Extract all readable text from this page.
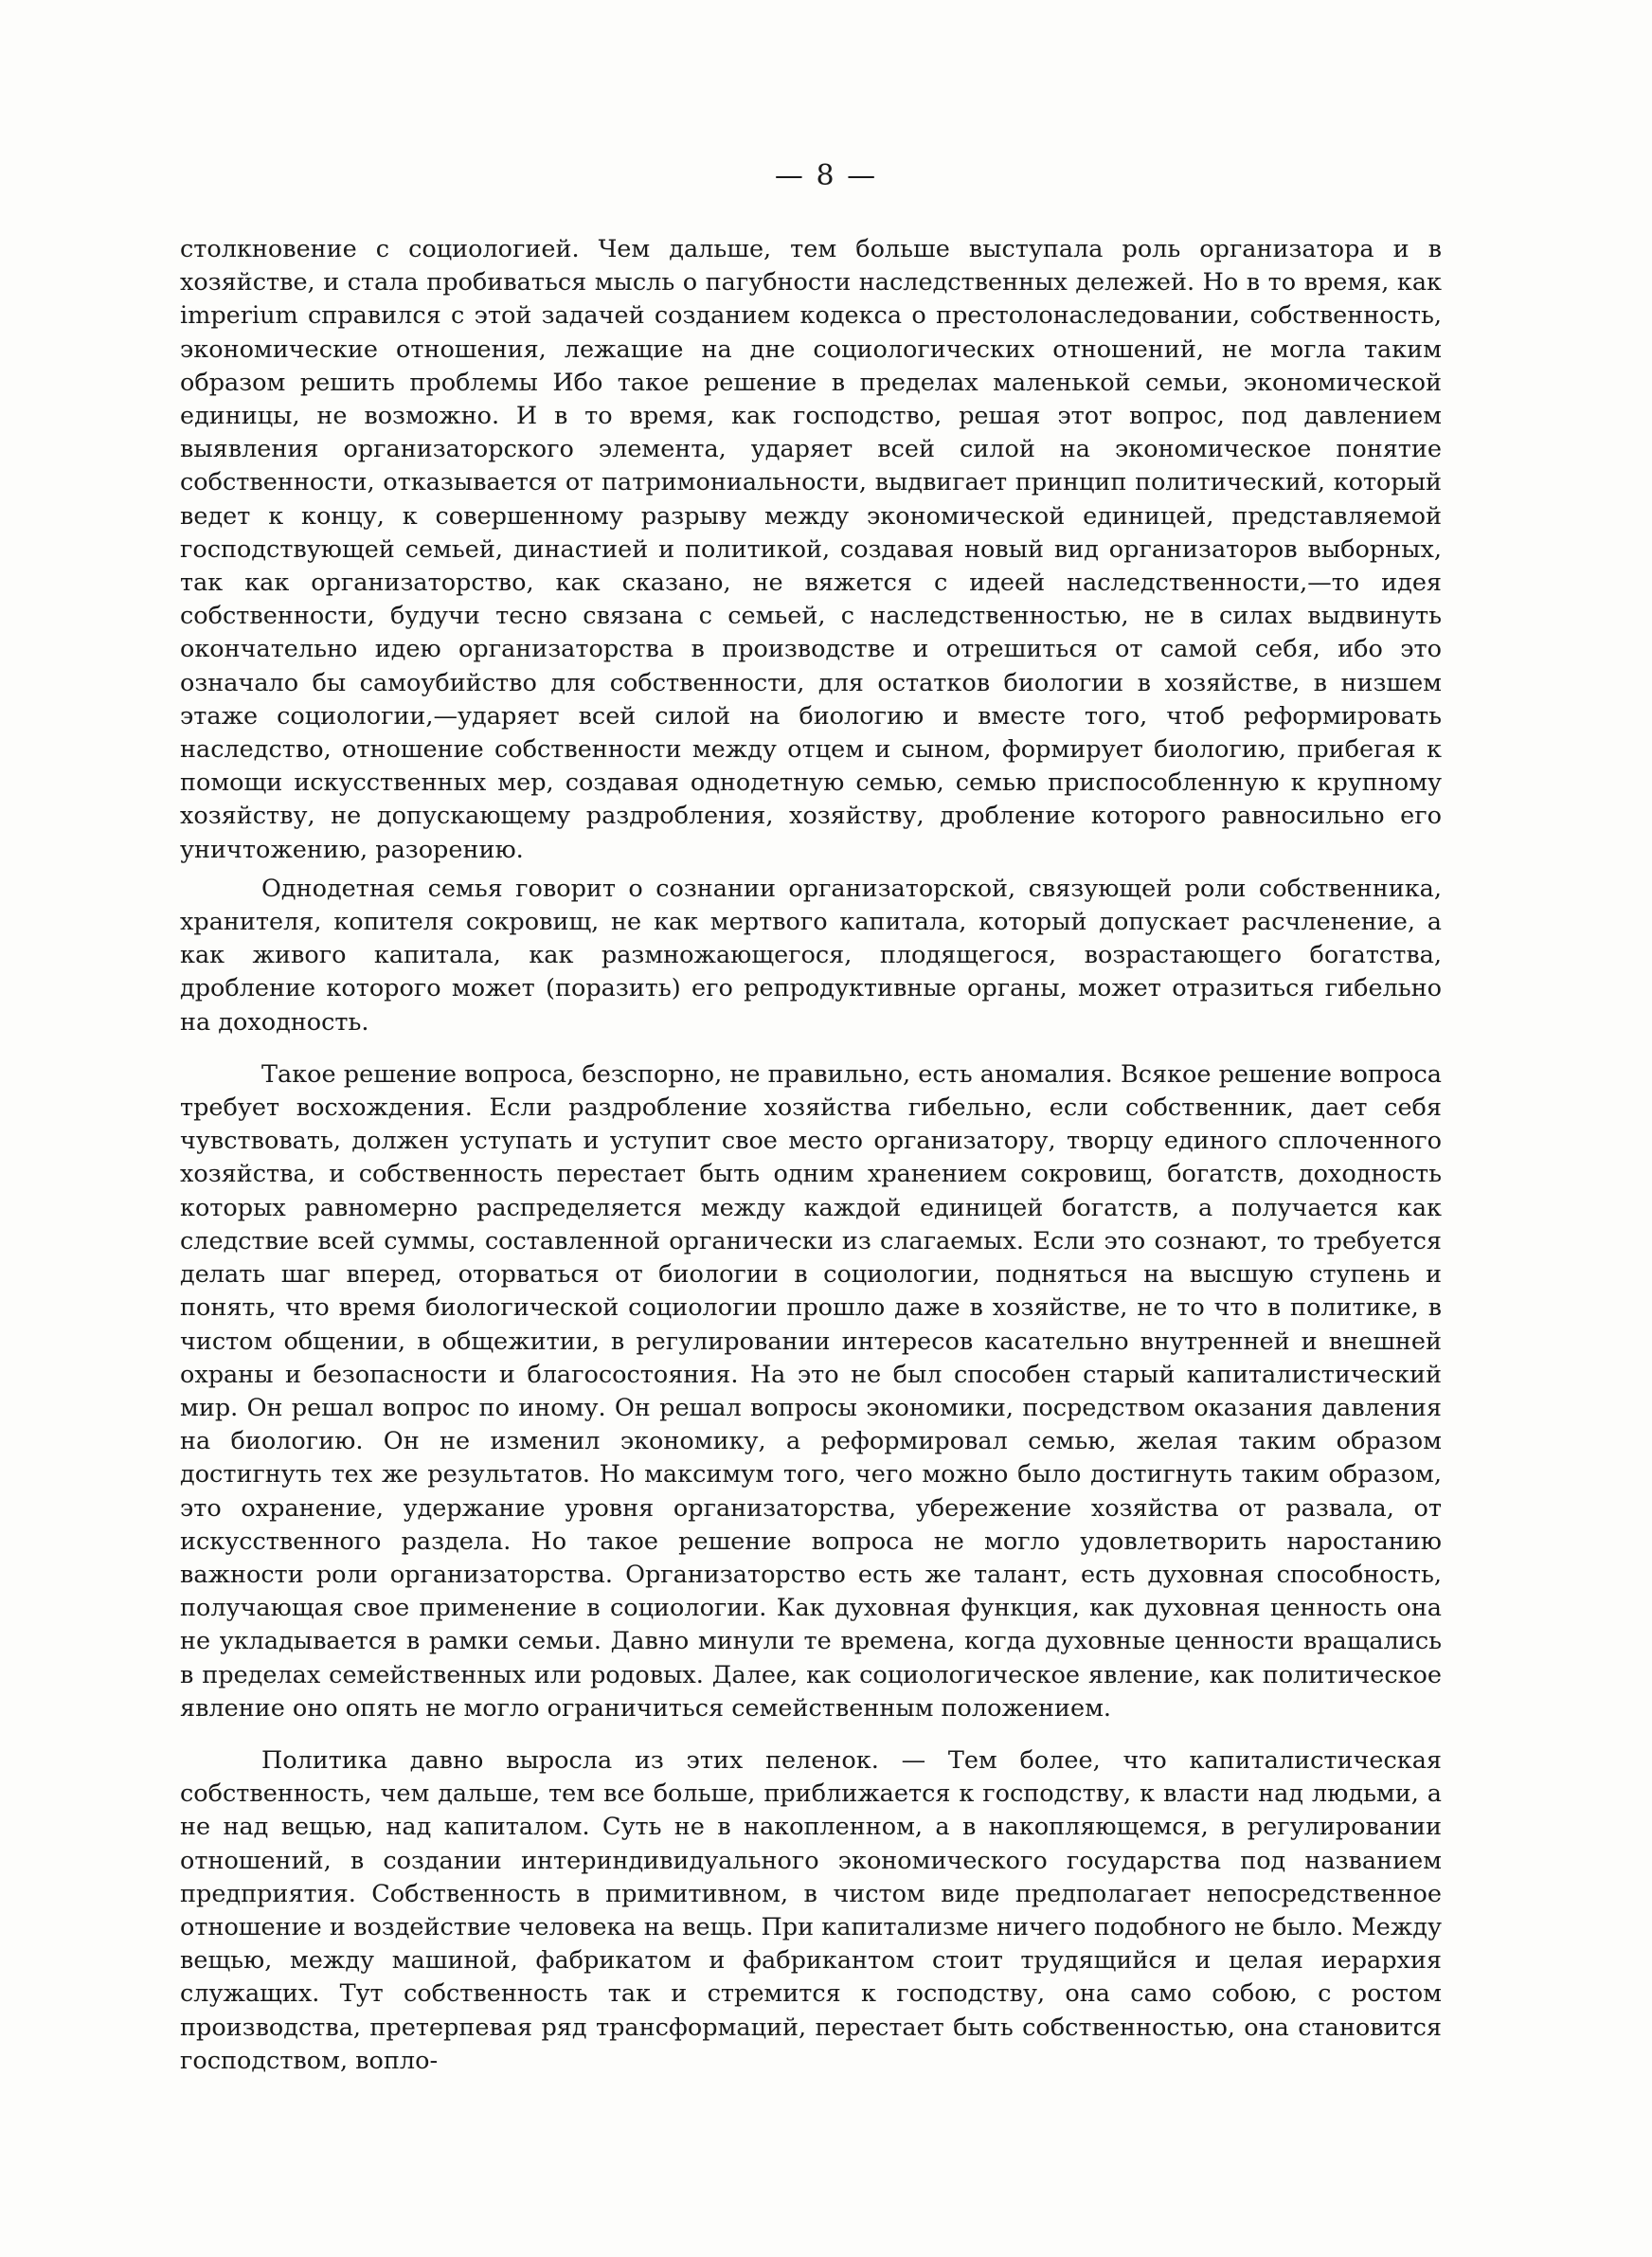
— 8 —

столкновение с социологией. Чем дальше, тем больше выступала роль организатора и в хозяйстве, и стала пробиваться мысль о пагубности наследственных дележей. Но в то время, как imperium справился с этой задачей созданием кодекса о престолонаследовании, собственность, экономические отношения, лежащие на дне социологических отношений, не могла таким образом решить проблемы Ибо такое решение в пределах маленькой семьи, экономической единицы, не возможно. И в то время, как господство, решая этот вопрос, под давлением выявления организаторского элемента, ударяет всей силой на экономическое понятие собственности, отказывается от патримониальности, выдвигает принцип политический, который ведет к концу, к совершенному разрыву между экономической единицей, представляемой господствующей семьей, династией и политикой, создавая новый вид организаторов выборных, так как организаторство, как сказано, не вяжется с идеей наследственности,—то идея собственности, будучи тесно связана с семьей, с наследственностью, не в силах выдвинуть окончательно идею организаторства в производстве и отрешиться от самой себя, ибо это означало бы самоубийство для собственности, для остатков биологии в хозяйстве, в низшем этаже социологии,—ударяет всей силой на биологию и вместе того, чтоб реформировать наследство, отношение собственности между отцем и сыном, формирует биологию, прибегая к помощи искусственных мер, создавая однодетную семью, семью приспособленную к крупному хозяйству, не допускающему раздробления, хозяйству, дробление которого равносильно его уничтожению, разорению.

Однодетная семья говорит о сознании организаторской, связующей роли собственника, хранителя, копителя сокровищ, не как мертвого капитала, который допускает расчленение, а как живого капитала, как размножающегося, плодящегося, возрастающего богатства, дробление которого может (поразить) его репродуктивные органы, может отразиться гибельно на доходность.

Такое решение вопроса, безспорно, не правильно, есть аномалия. Всякое решение вопроса требует восхождения. Если раздробление хозяйства гибельно, если собственник, дает себя чувствовать, должен уступать и уступит свое место организатору, творцу единого сплоченного хозяйства, и собственность перестает быть одним хранением сокровищ, богатств, доходность которых равномерно распределяется между каждой единицей богатств, а получается как следствие всей суммы, составленной органически из слагаемых. Если это сознают, то требуется делать шаг вперед, оторваться от биологии в социологии, подняться на высшую ступень и понять, что время биологической социологии прошло даже в хозяйстве, не то что в политике, в чистом общении, в общежитии, в регулировании интересов касательно внутренней и внешней охраны и безопасности и благосостояния. На это не был способен старый капиталистический мир. Он решал вопрос по иному. Он решал вопросы экономики, посредством оказания давления на биологию. Он не изменил экономику, а реформировал семью, желая таким образом достигнуть тех же результатов. Но максимум того, чего можно было достигнуть таким образом, это охранение, удержание уровня организаторства, убережение хозяйства от развала, от искусственного раздела. Но такое решение вопроса не могло удовлетворить наростанию важности роли организаторства. Организаторство есть же талант, есть духовная способность, получающая свое применение в социологии. Как духовная функция, как духовная ценность она не укладывается в рамки семьи. Давно минули те времена, когда духовные ценности вращались в пределах семейственных или родовых. Далее, как социологическое явление, как политическое явление оно опять не могло ограничиться семейственным положением.

Политика давно выросла из этих пеленок. — Тем более, что капиталистическая собственность, чем дальше, тем все больше, приближается к господству, к власти над людьми, а не над вещью, над капиталом. Суть не в накопленном, а в накопляющемся, в регулировании отношений, в создании интериндивидуального экономического государства под названием предприятия. Собственность в примитивном, в чистом виде предполагает непосредственное отношение и воздействие человека на вещь. При капитализме ничего подобного не было. Между вещью, между машиной, фабрикатом и фабрикантом стоит трудящийся и целая иерархия служащих. Тут собственность так и стремится к господству, она само собою, с ростом производства, претерпевая ряд трансформаций, перестает быть собственностью, она становится господством, вопло-
